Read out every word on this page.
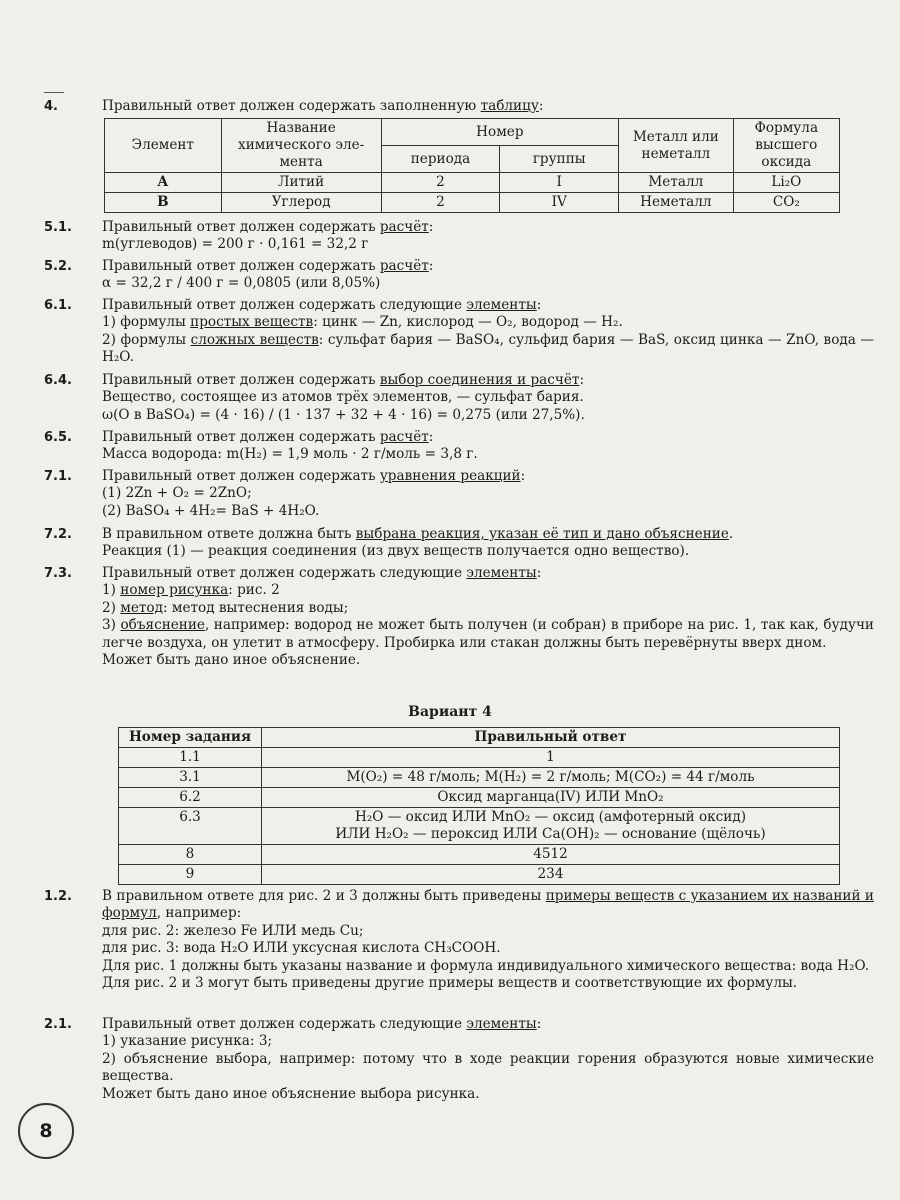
4.	Правильный ответ должен содержать заполненную таблицу:
Элемент	Название химического элемента	Номер		Металл или неметалл	Формула высшего оксида
		периода	группы		
A	Литий	2	I	Металл	Li₂O
B	Углерод	2	IV	Неметалл	CO₂
5.1. Правильный ответ должен содержать расчёт:
m(углеводов) = 200 г · 0,161 = 32,2 г
5.2. Правильный ответ должен содержать расчёт:
α = 32,2 г / 400 г = 0,0805 (или 8,05%)
6.1. Правильный ответ должен содержать следующие элементы:
1) формулы простых веществ: цинк — Zn, кислород — O₂, водород — H₂.
2) формулы сложных веществ: сульфат бария — BaSO₄, сульфид бария — BaS, оксид цинка — ZnO, вода — H₂O.
6.4. Правильный ответ должен содержать выбор соединения и расчёт:
Вещество, состоящее из атомов трёх элементов, — сульфат бария.
ω(O в BaSO₄) = (4 · 16) / (1 · 137 + 32 + 4 · 16) = 0,275 (или 27,5%).
6.5. Правильный ответ должен содержать расчёт:
Масса водорода: m(H₂) = 1,9 моль · 2 г/моль = 3,8 г.
7.1. Правильный ответ должен содержать уравнения реакций:
(1) 2Zn + O₂ = 2ZnO;
(2) BaSO₄ + 4H₂= BaS + 4H₂O.
7.2. В правильном ответе должна быть выбрана реакция, указан её тип и дано объяснение.
Реакция (1) — реакция соединения (из двух веществ получается одно вещество).
7.3. Правильный ответ должен содержать следующие элементы:
1) номер рисунка: рис. 2
2) метод: метод вытеснения воды;
3) объяснение, например: водород не может быть получен (и собран) в приборе на рис. 1, так как, будучи легче воздуха, он улетит в атмосферу. Пробирка или стакан должны быть перевёрнуты вверх дном.
Может быть дано иное объяснение.
Вариант 4
Номер задания	Правильный ответ
1.1	1
3.1	M(O₂) = 48 г/моль; M(H₂) = 2 г/моль; M(CO₂) = 44 г/моль
6.2	Оксид марганца(IV) ИЛИ MnO₂
6.3	H₂O — оксид ИЛИ MnO₂ — оксид (амфотерный оксид)
ИЛИ H₂O₂ — пероксид ИЛИ Ca(OH)₂ — основание (щёлочь)

8	4512
9	234
1.2. В правильном ответе для рис. 2 и 3 должны быть приведены примеры веществ с указанием их названий и формул, например:
для рис. 2: железо Fe ИЛИ медь Cu;
для рис. 3: вода H₂O ИЛИ уксусная кислота CH₃COOH.
Для рис. 1 должны быть указаны название и формула индивидуального химического вещества: вода H₂O.
Для рис. 2 и 3 могут быть приведены другие примеры веществ и соответствующие их формулы.
2.1. Правильный ответ должен содержать следующие элементы:
1) указание рисунка: 3;
2) объяснение выбора, например: потому что в ходе реакции горения образуются новые химические вещества.
Может быть дано иное объяснение выбора рисунка.
8
